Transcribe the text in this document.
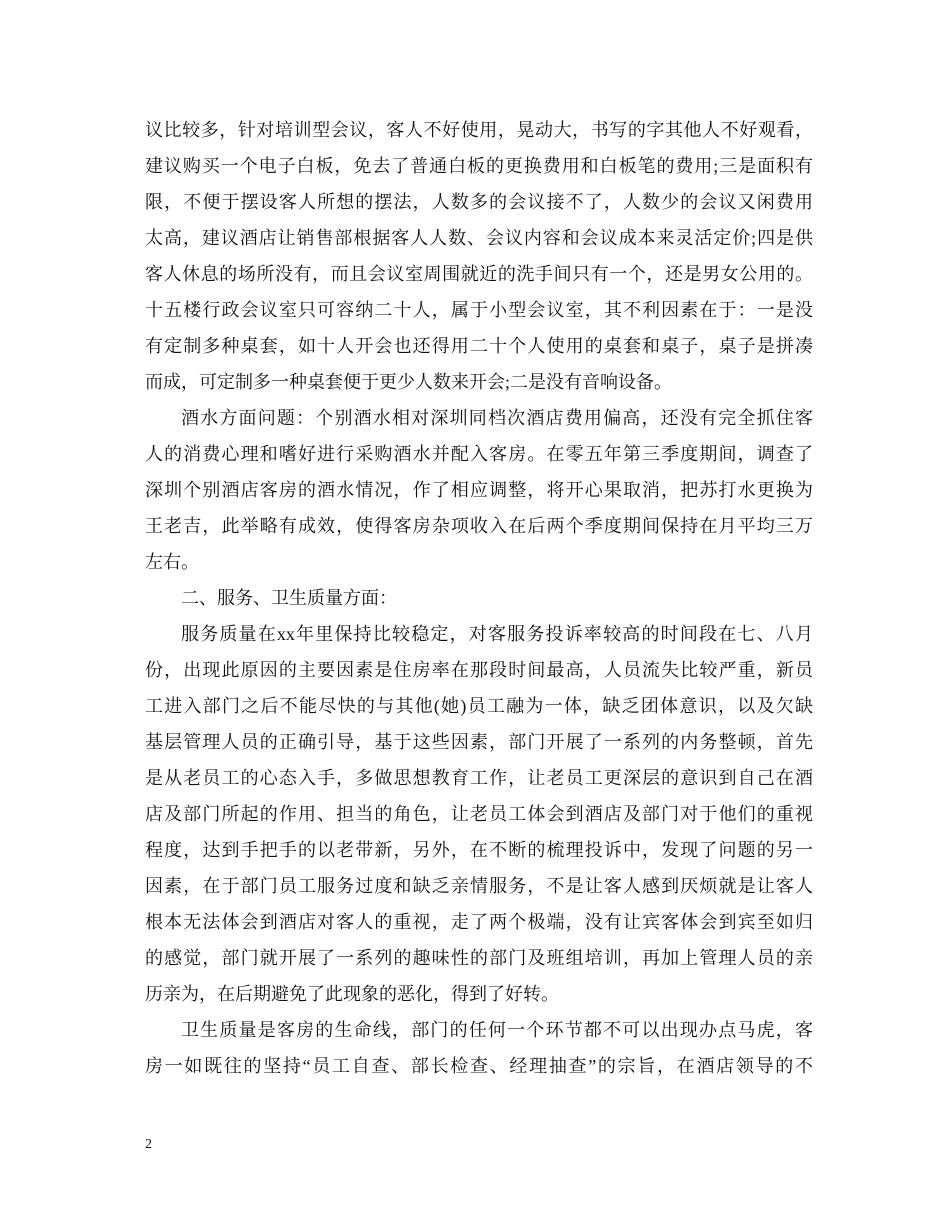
议比较多，针对培训型会议，客人不好使用，晃动大，书写的字其他人不好观看，
建议购买一个电子白板，免去了普通白板的更换费用和白板笔的费用;三是面积有
限，不便于摆设客人所想的摆法，人数多的会议接不了，人数少的会议又闲费用
太高，建议酒店让销售部根据客人人数、会议内容和会议成本来灵活定价;四是供
客人休息的场所没有，而且会议室周围就近的洗手间只有一个，还是男女公用的。
十五楼行政会议室只可容纳二十人，属于小型会议室，其不利因素在于：一是没
有定制多种桌套，如十人开会也还得用二十个人使用的桌套和桌子，桌子是拼凑
而成，可定制多一种桌套便于更少人数来开会;二是没有音响设备。
酒水方面问题：个别酒水相对深圳同档次酒店费用偏高，还没有完全抓住客
人的消费心理和嗜好进行采购酒水并配入客房。在零五年第三季度期间，调查了
深圳个别酒店客房的酒水情况，作了相应调整，将开心果取消，把苏打水更换为
王老吉，此举略有成效，使得客房杂项收入在后两个季度期间保持在月平均三万
左右。
二、服务、卫生质量方面：
服务质量在xx年里保持比较稳定，对客服务投诉率较高的时间段在七、八月
份，出现此原因的主要因素是住房率在那段时间最高，人员流失比较严重，新员
工进入部门之后不能尽快的与其他(她)员工融为一体，缺乏团体意识，以及欠缺
基层管理人员的正确引导，基于这些因素，部门开展了一系列的内务整顿，首先
是从老员工的心态入手，多做思想教育工作，让老员工更深层的意识到自己在酒
店及部门所起的作用、担当的角色，让老员工体会到酒店及部门对于他们的重视
程度，达到手把手的以老带新，另外，在不断的梳理投诉中，发现了问题的另一
因素，在于部门员工服务过度和缺乏亲情服务，不是让客人感到厌烦就是让客人
根本无法体会到酒店对客人的重视，走了两个极端，没有让宾客体会到宾至如归
的感觉，部门就开展了一系列的趣味性的部门及班组培训，再加上管理人员的亲
历亲为，在后期避免了此现象的恶化，得到了好转。
卫生质量是客房的生命线，部门的任何一个环节都不可以出现办点马虎，客
房一如既往的坚持“员工自查、部长检查、经理抽查”的宗旨，在酒店领导的不
2
